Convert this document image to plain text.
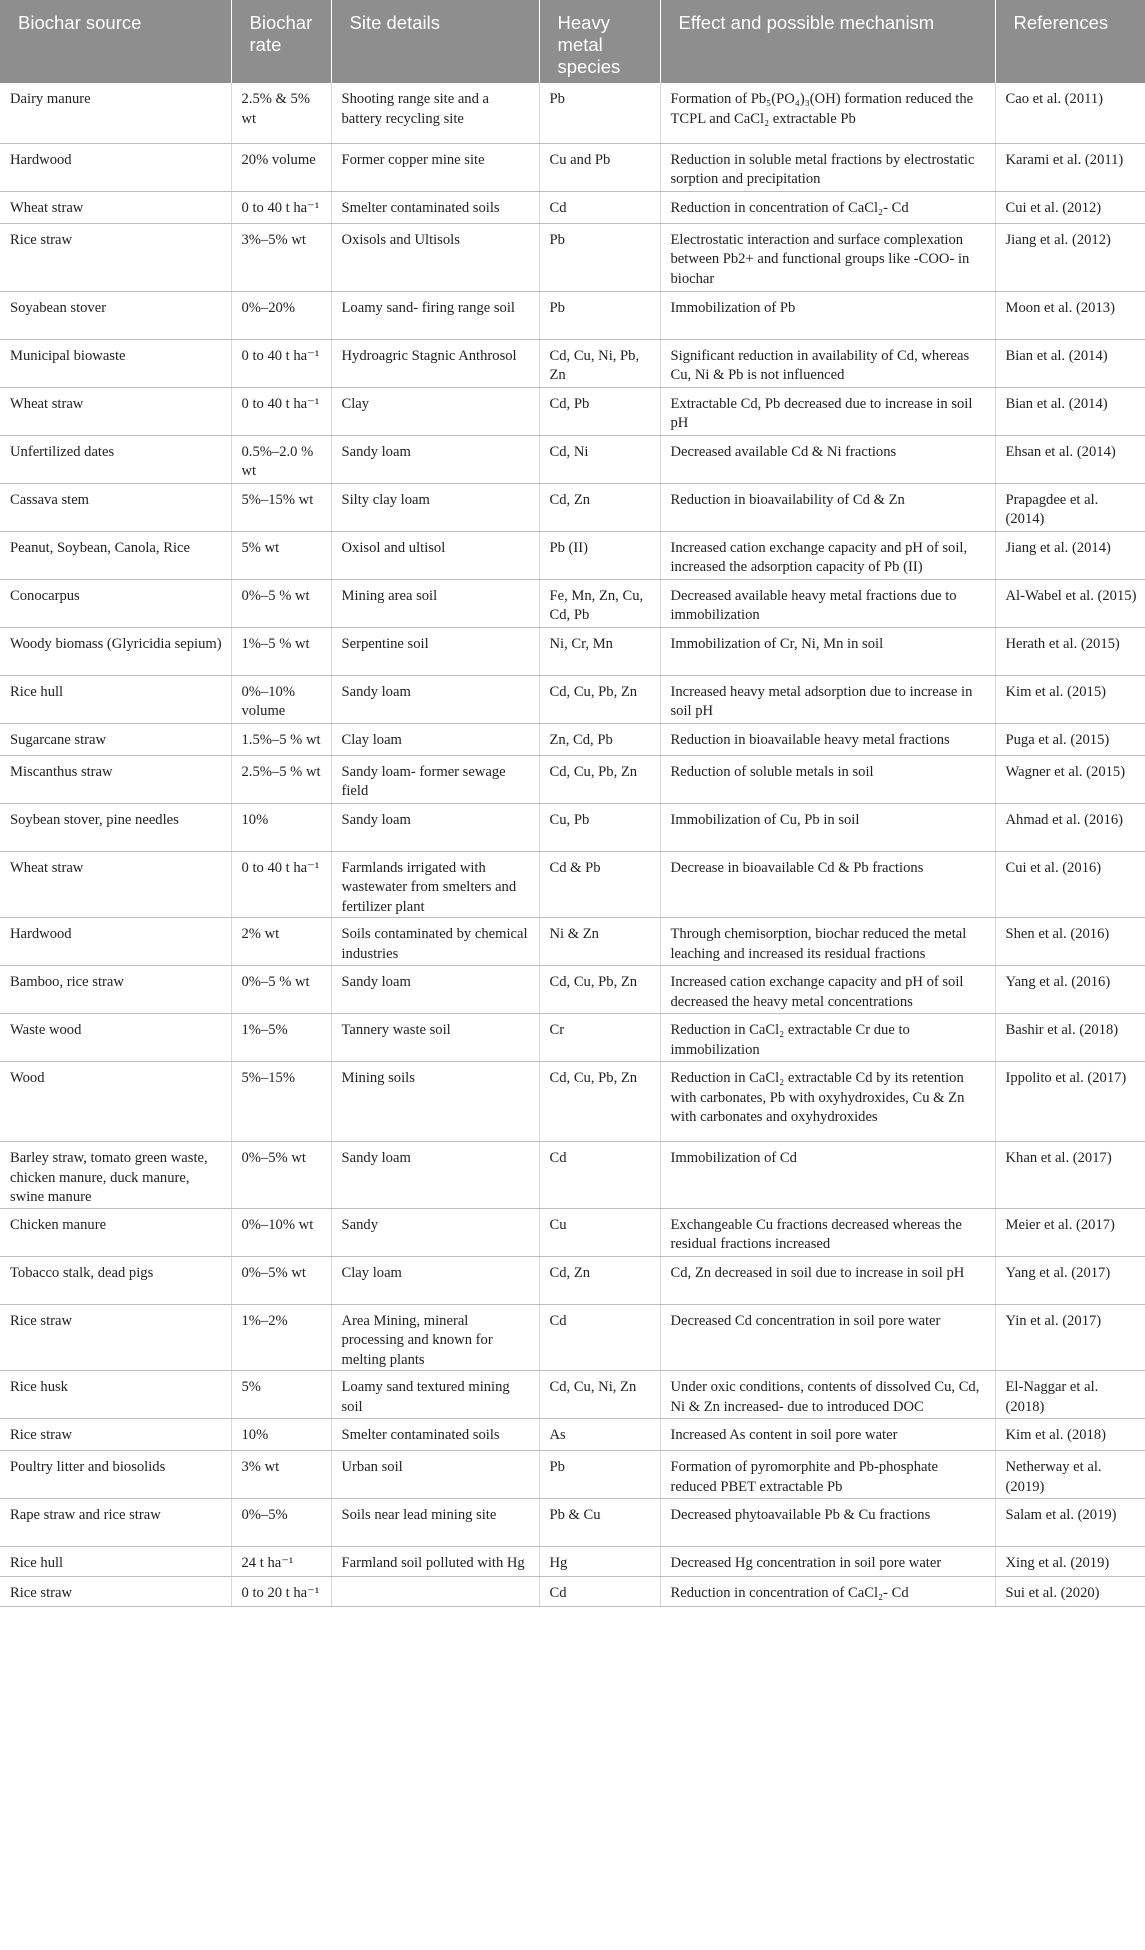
Biochar source	Biochar rate	Site details	Heavy metal species	Effect and possible mechanism	References
Dairy manure	2.5% & 5% wt	Shooting range site and a battery recycling site	Pb	Formation of Pb₅(PO₄)₃(OH) formation reduced the TCPL and CaCl₂ extractable Pb	Cao et al. (2011)
Hardwood	20% volume	Former copper mine site	Cu and Pb	Reduction in soluble metal fractions by electrostatic sorption and precipitation	Karami et al. (2011)
Wheat straw	0 to 40 t ha⁻¹	Smelter contaminated soils	Cd	Reduction in concentration of CaCl₂- Cd	Cui et al. (2012)
Rice straw	3%–5% wt	Oxisols and Ultisols	Pb	Electrostatic interaction and surface complexation between Pb2+ and functional groups like -COO- in biochar	Jiang et al. (2012)
Soyabean stover	0%–20%	Loamy sand- firing range soil	Pb	Immobilization of Pb	Moon et al. (2013)
Municipal biowaste	0 to 40 t ha⁻¹	Hydroagric Stagnic Anthrosol	Cd, Cu, Ni, Pb, Zn	Significant reduction in availability of Cd, whereas Cu, Ni & Pb is not influenced	Bian et al. (2014)
Wheat straw	0 to 40 t ha⁻¹	Clay	Cd, Pb	Extractable Cd, Pb decreased due to increase in soil pH	Bian et al. (2014)
Unfertilized dates	0.5%–2.0 % wt	Sandy loam	Cd, Ni	Decreased available Cd & Ni fractions	Ehsan et al. (2014)
Cassava stem	5%–15% wt	Silty clay loam	Cd, Zn	Reduction in bioavailability of Cd & Zn	Prapagdee et al. (2014)
Peanut, Soybean, Canola, Rice	5% wt	Oxisol and ultisol	Pb (II)	Increased cation exchange capacity and pH of soil, increased the adsorption capacity of Pb (II)	Jiang et al. (2014)
Conocarpus	0%–5 % wt	Mining area soil	Fe, Mn, Zn, Cu, Cd, Pb	Decreased available heavy metal fractions due to immobilization	Al-Wabel et al. (2015)
Woody biomass (Glyricidia sepium)	1%–5 % wt	Serpentine soil	Ni, Cr, Mn	Immobilization of Cr, Ni, Mn in soil	Herath et al. (2015)
Rice hull	0%–10% volume	Sandy loam	Cd, Cu, Pb, Zn	Increased heavy metal adsorption due to increase in soil pH	Kim et al. (2015)
Sugarcane straw	1.5%–5 % wt	Clay loam	Zn, Cd, Pb	Reduction in bioavailable heavy metal fractions	Puga et al. (2015)
Miscanthus straw	2.5%–5 % wt	Sandy loam- former sewage field	Cd, Cu, Pb, Zn	Reduction of soluble metals in soil	Wagner et al. (2015)
Soybean stover, pine needles	10%	Sandy loam	Cu, Pb	Immobilization of Cu, Pb in soil	Ahmad et al. (2016)
Wheat straw	0 to 40 t ha⁻¹	Farmlands irrigated with wastewater from smelters and fertilizer plant	Cd & Pb	Decrease in bioavailable Cd & Pb fractions	Cui et al. (2016)
Hardwood	2% wt	Soils contaminated by chemical industries	Ni & Zn	Through chemisorption, biochar reduced the metal leaching and increased its residual fractions	Shen et al. (2016)
Bamboo, rice straw	0%–5 % wt	Sandy loam	Cd, Cu, Pb, Zn	Increased cation exchange capacity and pH of soil decreased the heavy metal concentrations	Yang et al. (2016)
Waste wood	1%–5%	Tannery waste soil	Cr	Reduction in CaCl₂ extractable Cr due to immobilization	Bashir et al. (2018)
Wood	5%–15%	Mining soils	Cd, Cu, Pb, Zn	Reduction in CaCl₂ extractable Cd by its retention with carbonates, Pb with oxyhydroxides, Cu & Zn with carbonates and oxyhydroxides	Ippolito et al. (2017)
Barley straw, tomato green waste, chicken manure, duck manure, swine manure	0%–5% wt	Sandy loam	Cd	Immobilization of Cd	Khan et al. (2017)
Chicken manure	0%–10% wt	Sandy	Cu	Exchangeable Cu fractions decreased whereas the residual fractions increased	Meier et al. (2017)
Tobacco stalk, dead pigs	0%–5% wt	Clay loam	Cd, Zn	Cd, Zn decreased in soil due to increase in soil pH	Yang et al. (2017)
Rice straw	1%–2%	Area Mining, mineral processing and known for melting plants	Cd	Decreased Cd concentration in soil pore water	Yin et al. (2017)
Rice husk	5%	Loamy sand textured mining soil	Cd, Cu, Ni, Zn	Under oxic conditions, contents of dissolved Cu, Cd, Ni & Zn increased- due to introduced DOC	El-Naggar et al. (2018)
Rice straw	10%	Smelter contaminated soils	As	Increased As content in soil pore water	Kim et al. (2018)
Poultry litter and biosolids	3% wt	Urban soil	Pb	Formation of pyromorphite and Pb-phosphate reduced PBET extractable Pb	Netherway et al. (2019)
Rape straw and rice straw	0%–5%	Soils near lead mining site	Pb & Cu	Decreased phytoavailable Pb & Cu fractions	Salam et al. (2019)
Rice hull	24 t ha⁻¹	Farmland soil polluted with Hg	Hg	Decreased Hg concentration in soil pore water	Xing et al. (2019)
Rice straw	0 to 20 t ha⁻¹		Cd	Reduction in concentration of CaCl₂- Cd	Sui et al. (2020)
